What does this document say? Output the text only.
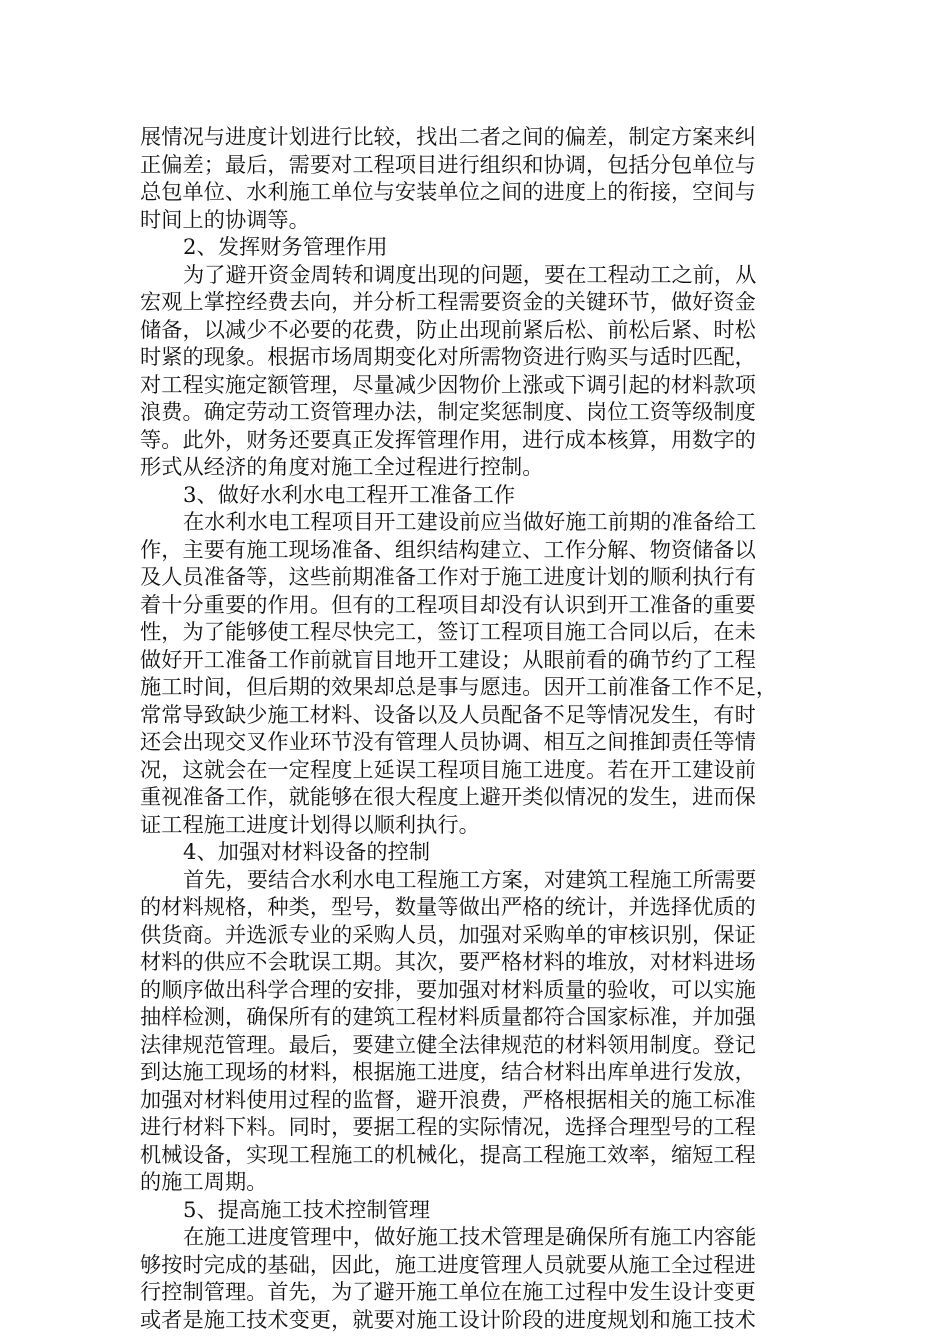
展情况与进度计划进行比较，找出二者之间的偏差，制定方案来纠
正偏差；最后，需要对工程项目进行组织和协调，包括分包单位与
总包单位、水利施工单位与安装单位之间的进度上的衔接，空间与
时间上的协调等。
2、发挥财务管理作用
为了避开资金周转和调度出现的问题，要在工程动工之前，从
宏观上掌控经费去向，并分析工程需要资金的关键环节，做好资金
储备，以减少不必要的花费，防止出现前紧后松、前松后紧、时松
时紧的现象。根据市场周期变化对所需物资进行购买与适时匹配，
对工程实施定额管理，尽量减少因物价上涨或下调引起的材料款项
浪费。确定劳动工资管理办法，制定奖惩制度、岗位工资等级制度
等。此外，财务还要真正发挥管理作用，进行成本核算，用数字的
形式从经济的角度对施工全过程进行控制。
3、做好水利水电工程开工准备工作
在水利水电工程项目开工建设前应当做好施工前期的准备给工
作，主要有施工现场准备、组织结构建立、工作分解、物资储备以
及人员准备等，这些前期准备工作对于施工进度计划的顺利执行有
着十分重要的作用。但有的工程项目却没有认识到开工准备的重要
性，为了能够使工程尽快完工，签订工程项目施工合同以后，在未
做好开工准备工作前就盲目地开工建设；从眼前看的确节约了工程
施工时间，但后期的效果却总是事与愿违。因开工前准备工作不足，
常常导致缺少施工材料、设备以及人员配备不足等情况发生，有时
还会出现交叉作业环节没有管理人员协调、相互之间推卸责任等情
况，这就会在一定程度上延误工程项目施工进度。若在开工建设前
重视准备工作，就能够在很大程度上避开类似情况的发生，进而保
证工程施工进度计划得以顺利执行。
4、加强对材料设备的控制
首先，要结合水利水电工程施工方案，对建筑工程施工所需要
的材料规格，种类，型号，数量等做出严格的统计，并选择优质的
供货商。并选派专业的采购人员，加强对采购单的审核识别，保证
材料的供应不会耽误工期。其次，要严格材料的堆放，对材料进场
的顺序做出科学合理的安排，要加强对材料质量的验收，可以实施
抽样检测，确保所有的建筑工程材料质量都符合国家标准，并加强
法律规范管理。最后，要建立健全法律规范的材料领用制度。登记
到达施工现场的材料，根据施工进度，结合材料出库单进行发放，
加强对材料使用过程的监督，避开浪费，严格根据相关的施工标准
进行材料下料。同时，要据工程的实际情况，选择合理型号的工程
机械设备，实现工程施工的机械化，提高工程施工效率，缩短工程
的施工周期。
5、提高施工技术控制管理
在施工进度管理中，做好施工技术管理是确保所有施工内容能
够按时完成的基础，因此，施工进度管理人员就要从施工全过程进
行控制管理。首先，为了避开施工单位在施工过程中发生设计变更
或者是施工技术变更，就要对施工设计阶段的进度规划和施工技术
